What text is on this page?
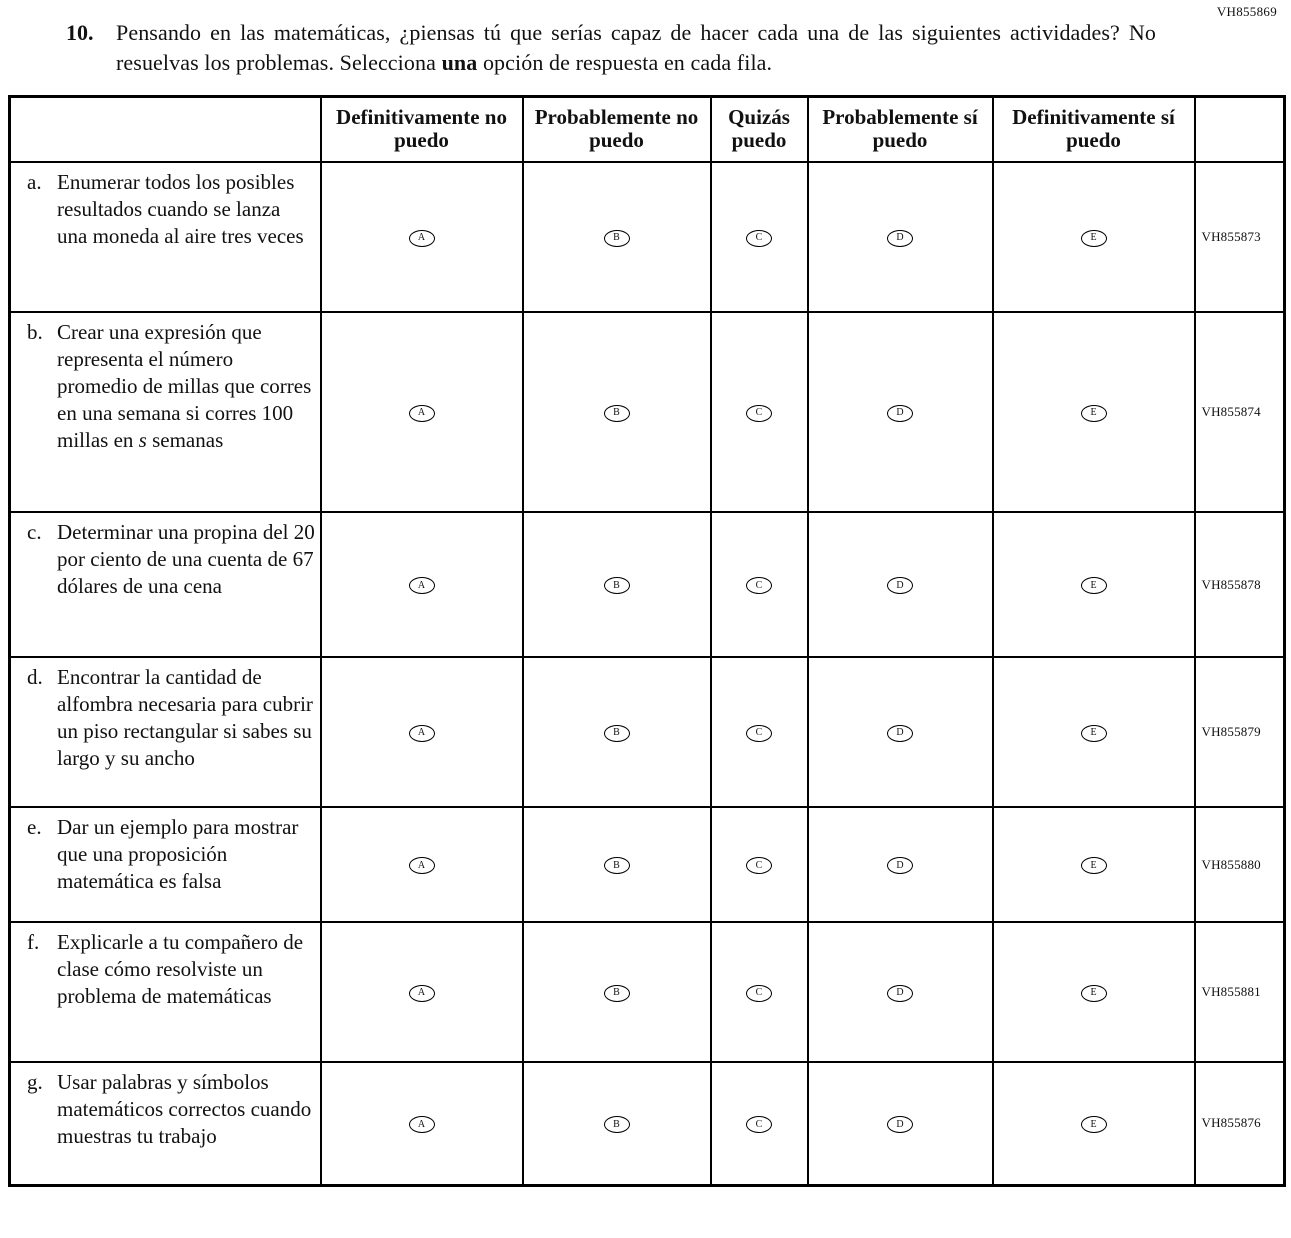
VH855869
10.	Pensando en las matemáticas, ¿piensas tú que serías capaz de hacer cada una de las siguientes actividades? No resuelvas los problemas. Selecciona una opción de respuesta en cada fila.
	Definitivamente no puedo	Probablemente no puedo	Quizás puedo	Probablemente sí puedo	Definitivamente sí puedo	

a. Enumerar todos los posibles resultados cuando se lanza una moneda al aire tres veces	A	B	C	D	E	VH855873

b. Crear una expresión que representa el número promedio de millas que corres en una semana si corres 100 millas en s semanas	A	B	C	D	E	VH855874

c. Determinar una propina del 20 por ciento de una cuenta de 67 dólares de una cena	A	B	C	D	E	VH855878

d. Encontrar la cantidad de alfombra necesaria para cubrir un piso rectangular si sabes su largo y su ancho	A	B	C	D	E	VH855879

e. Dar un ejemplo para mostrar que una proposición matemática es falsa	A	B	C	D	E	VH855880

f. Explicarle a tu compañero de clase cómo resolviste un problema de matemáticas	A	B	C	D	E	VH855881

g. Usar palabras y símbolos matemáticos correctos cuando muestras tu trabajo	A	B	C	D	E	VH855876
